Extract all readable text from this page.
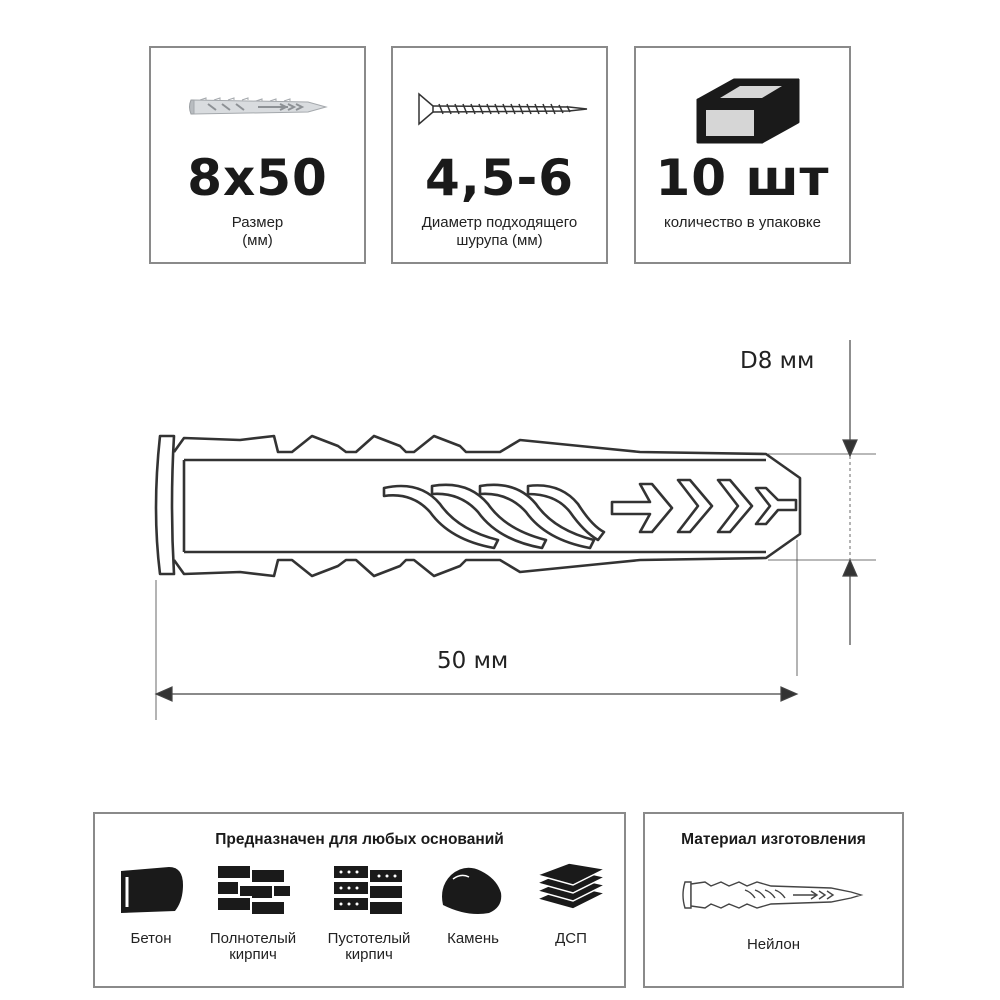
8x50
Размер
(мм)
4,5-6
Диаметр подходящего
шурупа (мм)
10 шт
количество в упаковке
D8 мм
50 мм
Предназначен для любых оснований
Бетон	Полнотелый
кирпич
Пустотелый
кирпич
Камень	ДСП
Материал изготовления
Нейлон
